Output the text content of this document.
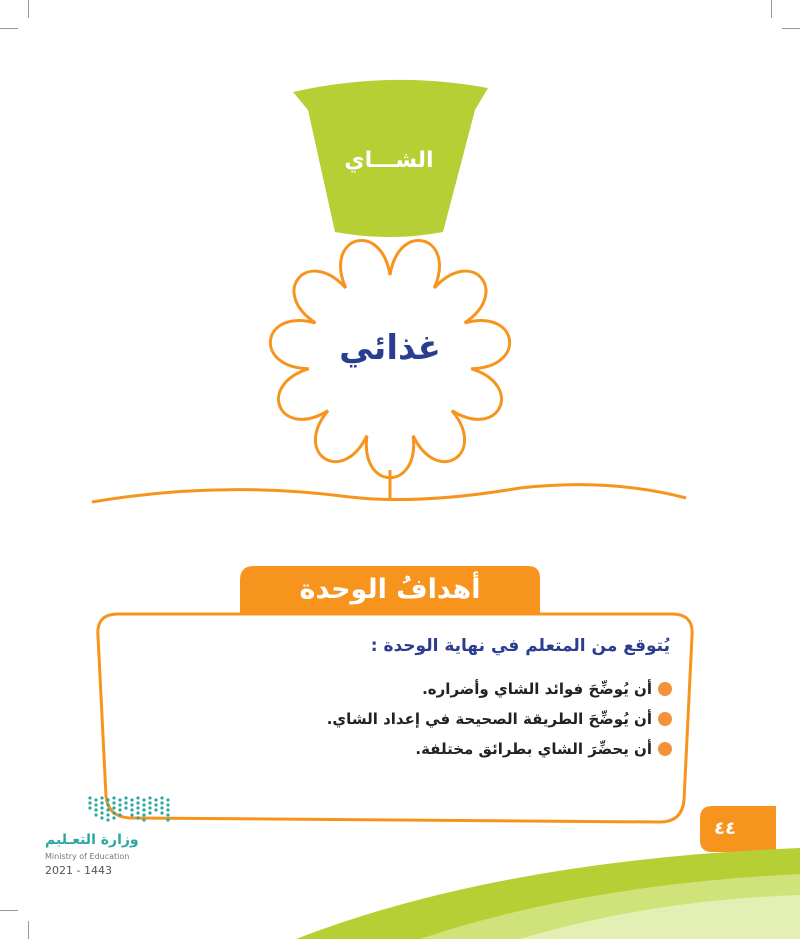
الشـــاي
غذائي
أهدافُ الوحدة
يُتوقع من المتعلم في نهاية الوحدة :
أن يُوضِّحَ فوائد الشاي وأضراره.
أن يُوضِّحَ الطريقة الصحيحة في إعداد الشاي.
أن يحضِّرَ الشاي بطرائق مختلفة.
٤٤
وزارة التعـليم
Ministry of Education
2021 - 1443
